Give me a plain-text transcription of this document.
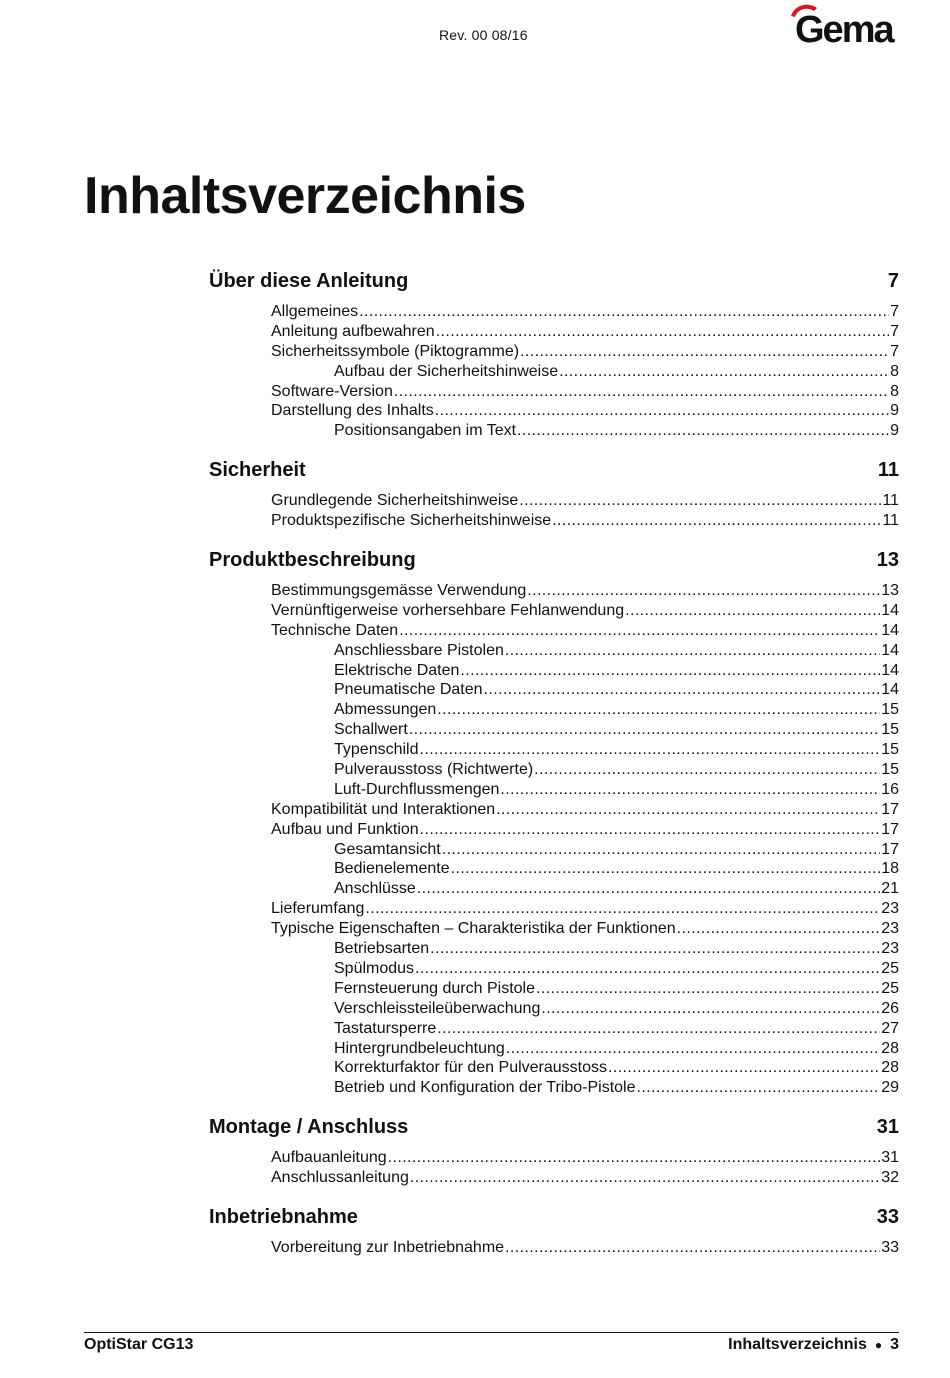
Rev. 00 08/16	Gema
Inhaltsverzeichnis
Über diese Anleitung	7
Allgemeines .....	7
Anleitung aufbewahren .....	7
Sicherheitssymbole (Piktogramme) .....	7
Aufbau der Sicherheitshinweise .....	8
Software-Version .....	8
Darstellung des Inhalts .....	9
Positionsangaben im Text .....	9
Sicherheit	11
Grundlegende Sicherheitshinweise .....	11
Produktspezifische Sicherheitshinweise .....	11
Produktbeschreibung	13
Bestimmungsgemässe Verwendung .....	13
Vernünftigerweise vorhersehbare Fehlanwendung .....	14
Technische Daten .....	14
Anschliessbare Pistolen .....	14
Elektrische Daten .....	14
Pneumatische Daten .....	14
Abmessungen .....	15
Schallwert .....	15
Typenschild .....	15
Pulverausstoss (Richtwerte) .....	15
Luft-Durchflussmengen .....	16
Kompatibilität und Interaktionen .....	17
Aufbau und Funktion .....	17
Gesamtansicht .....	17
Bedienelemente .....	18
Anschlüsse .....	21
Lieferumfang .....	23
Typische Eigenschaften – Charakteristika der Funktionen .....	23
Betriebsarten .....	23
Spülmodus .....	25
Fernsteuerung durch Pistole .....	25
Verschleissteileüberwachung .....	26
Tastatursperre .....	27
Hintergrundbeleuchtung .....	28
Korrekturfaktor für den Pulverausstoss .....	28
Betrieb und Konfiguration der Tribo-Pistole .....	29
Montage / Anschluss	31
Aufbauanleitung .....	31
Anschlussanleitung .....	32
Inbetriebnahme	33
Vorbereitung zur Inbetriebnahme .....	33
OptiStar CG13	Inhaltsverzeichnis ● 3
